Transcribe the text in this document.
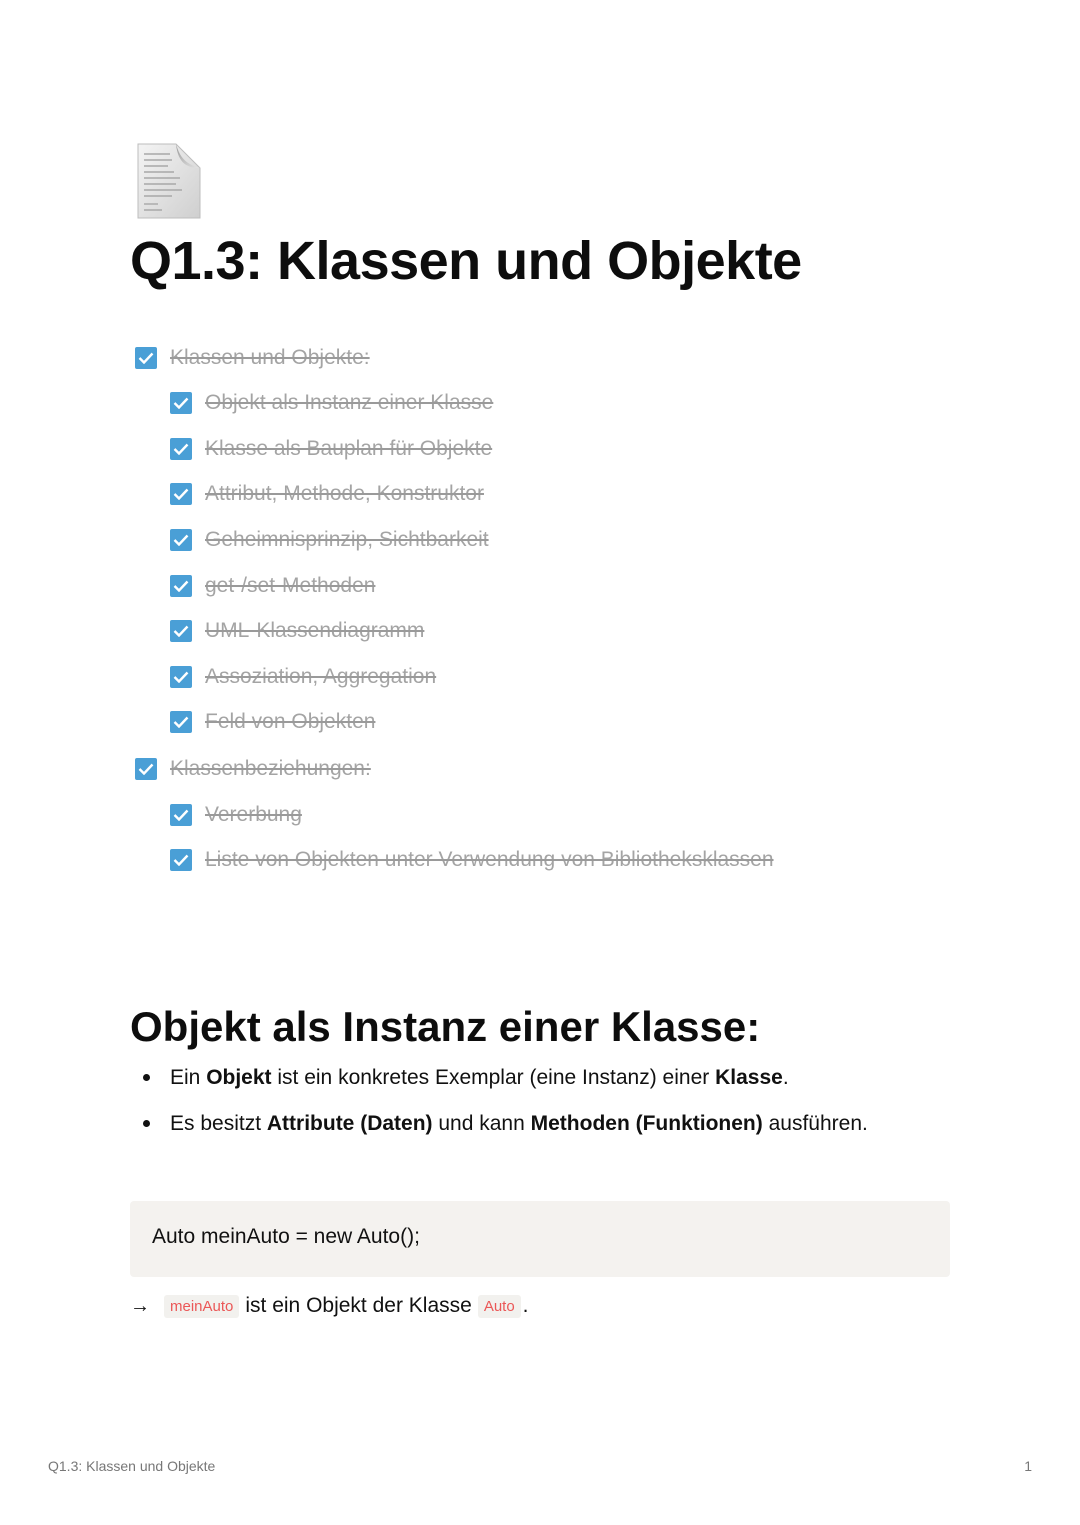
Q1.3: Klassen und Objekte
Klassen und Objekte:
Objekt als Instanz einer Klasse
Klasse als Bauplan für Objekte
Attribut, Methode, Konstruktor
Geheimnisprinzip, Sichtbarkeit
get-/set-Methoden
UML-Klassendiagramm
Assoziation, Aggregation
Feld von Objekten
Klassenbeziehungen:
Vererbung
Liste von Objekten unter Verwendung von Bibliotheksklassen
Objekt als Instanz einer Klasse:
Ein Objekt ist ein konkretes Exemplar (eine Instanz) einer Klasse.
Es besitzt Attribute (Daten) und kann Methoden (Funktionen) ausführen.
Auto meinAuto = new Auto();
→	meinAuto ist ein Objekt der Klasse Auto .
Q1.3: Klassen und Objekte	1
